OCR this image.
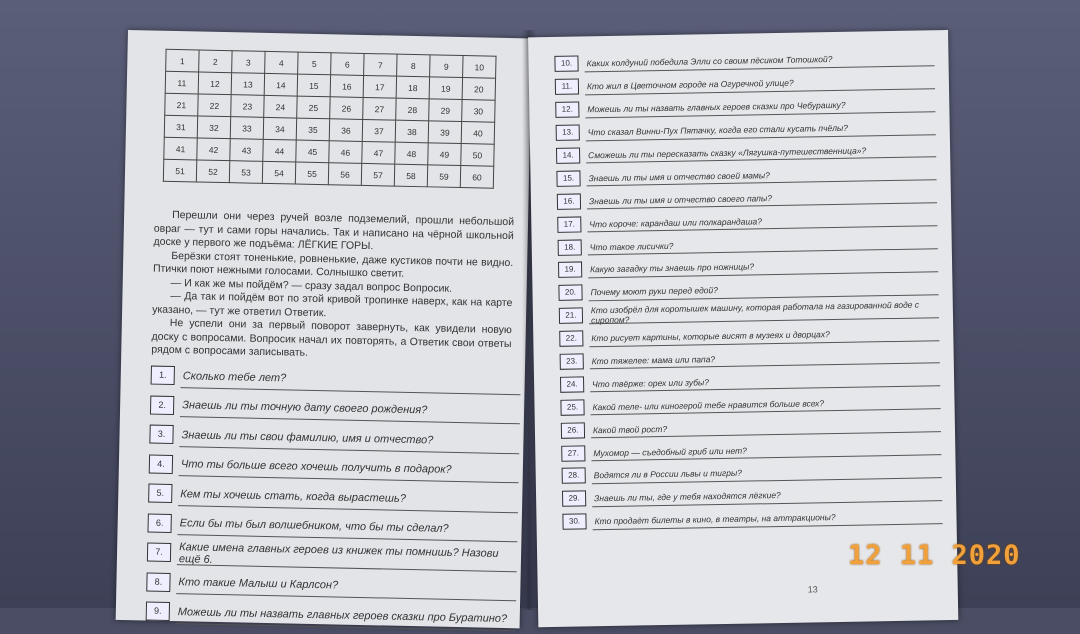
1	2	3	4	5	6	7	8	9	10
11	12	13	14	15	16	17	18	19	20
21	22	23	24	25	26	27	28	29	30
31	32	33	34	35	36	37	38	39	40
41	42	43	44	45	46	47	48	49	50
51	52	53	54	55	56	57	58	59	60

Перешли они через ручей возле подземелий, прошли небольшой овраг — тут и сами горы начались. Так и написано на чёрной школьной доске у первого же подъёма: ЛЁГКИЕ ГОРЫ.

Берёзки стоят тоненькие, ровненькие, даже кустиков почти не видно. Птички поют нежными голосами. Солнышко светит.

— И как же мы пойдём? — сразу задал вопрос Вопросик.

— Да так и пойдём вот по этой кривой тропинке наверх, как на карте указано, — тут же ответил Ответик.

Не успели они за первый поворот завернуть, как увидели новую доску с вопросами. Вопросик начал их повторять, а Ответик свои ответы рядом с вопросами записывать.

1.	Сколько тебе лет?
2.	Знаешь ли ты точную дату своего рождения?
3.	Знаешь ли ты свои фамилию, имя и отчество?
4.	Что ты больше всего хочешь получить в подарок?
5.	Кем ты хочешь стать, когда вырастешь?
6.	Если бы ты был волшебником, что бы ты сделал?
7.	Какие имена главных героев из книжек ты помнишь? Назови ещё 6.
8.	Кто такие Малыш и Карлсон?
9.	Можешь ли ты назвать главных героев сказки про Буратино?
10.	Каких колдуний победила Элли со своим пёсиком Тотошкой?
11.	Кто жил в Цветочном городе на Огуречной улице?
12.	Можешь ли ты назвать главных героев сказки про Чебурашку?
13.	Что сказал Винни-Пух Пятачку, когда его стали кусать пчёлы?
14.	Сможешь ли ты пересказать сказку «Лягушка-путешественница»?
15.	Знаешь ли ты имя и отчество своей мамы?
16.	Знаешь ли ты имя и отчество своего папы?
17.	Что короче: карандаш или полкарандаша?
18.	Что такое лисички?
19.	Какую загадку ты знаешь про ножницы?
20.	Почему моют руки перед едой?
21.	Кто изобрёл для коротышек машину, которая работала на газированной воде с сиропом?
22.	Кто рисует картины, которые висят в музеях и дворцах?
23.	Кто тяжелее: мама или папа?
24.	Что твёрже: орех или зубы?
25.	Какой теле- или киногерой тебе нравится больше всех?
26.	Какой твой рост?
27.	Мухомор — съедобный гриб или нет?
28.	Водятся ли в России львы и тигры?
29.	Знаешь ли ты, где у тебя находятся лёгкие?
30.	Кто продаёт билеты в кино, в театры, на аттракционы?
13
12 11 2020
